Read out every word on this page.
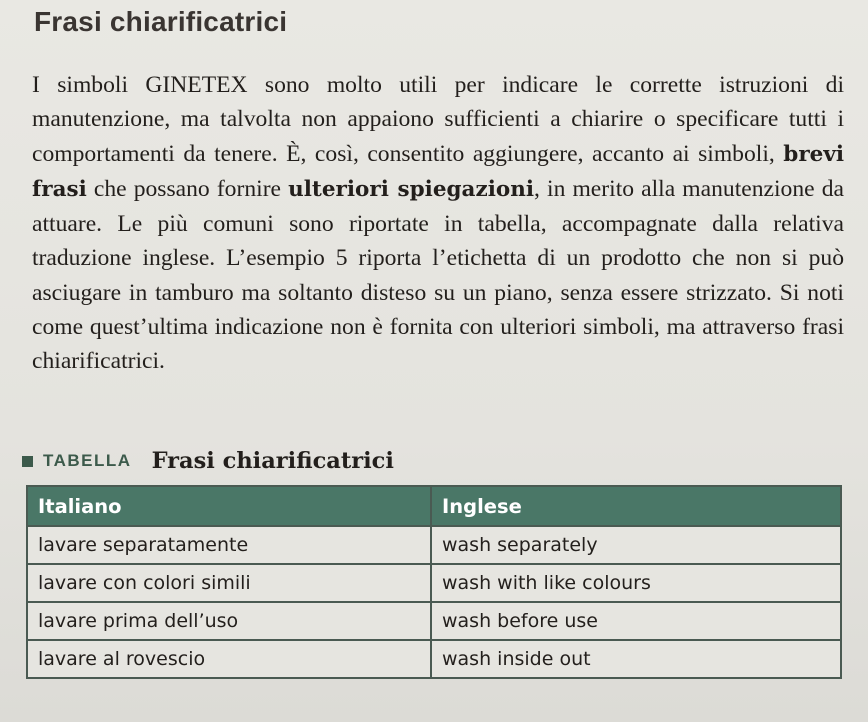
Frasi chiarificatrici

I simboli GINETEX sono molto utili per indicare le corrette istruzioni di manutenzione, ma talvolta non appaiono sufficienti a chiarire o specificare tutti i comportamenti da tenere. È, così, consentito aggiungere, accanto ai simboli, brevi frasi che possano fornire ulteriori spiegazioni, in merito alla manutenzione da attuare. Le più comuni sono riportate in tabella, accompagnate dalla relativa traduzione inglese. L’esempio 5 riporta l’etichetta di un prodotto che non si può asciugare in tamburo ma soltanto disteso su un piano, senza essere strizzato. Si noti come quest’ultima indicazione non è fornita con ulteriori simboli, ma attraverso frasi chiarificatrici.

TABELLA Frasi chiarificatrici
Italiano	Inglese
lavare separatamente	wash separately
lavare con colori simili	wash with like colours
lavare prima dell’uso	wash before use
lavare al rovescio	wash inside out
